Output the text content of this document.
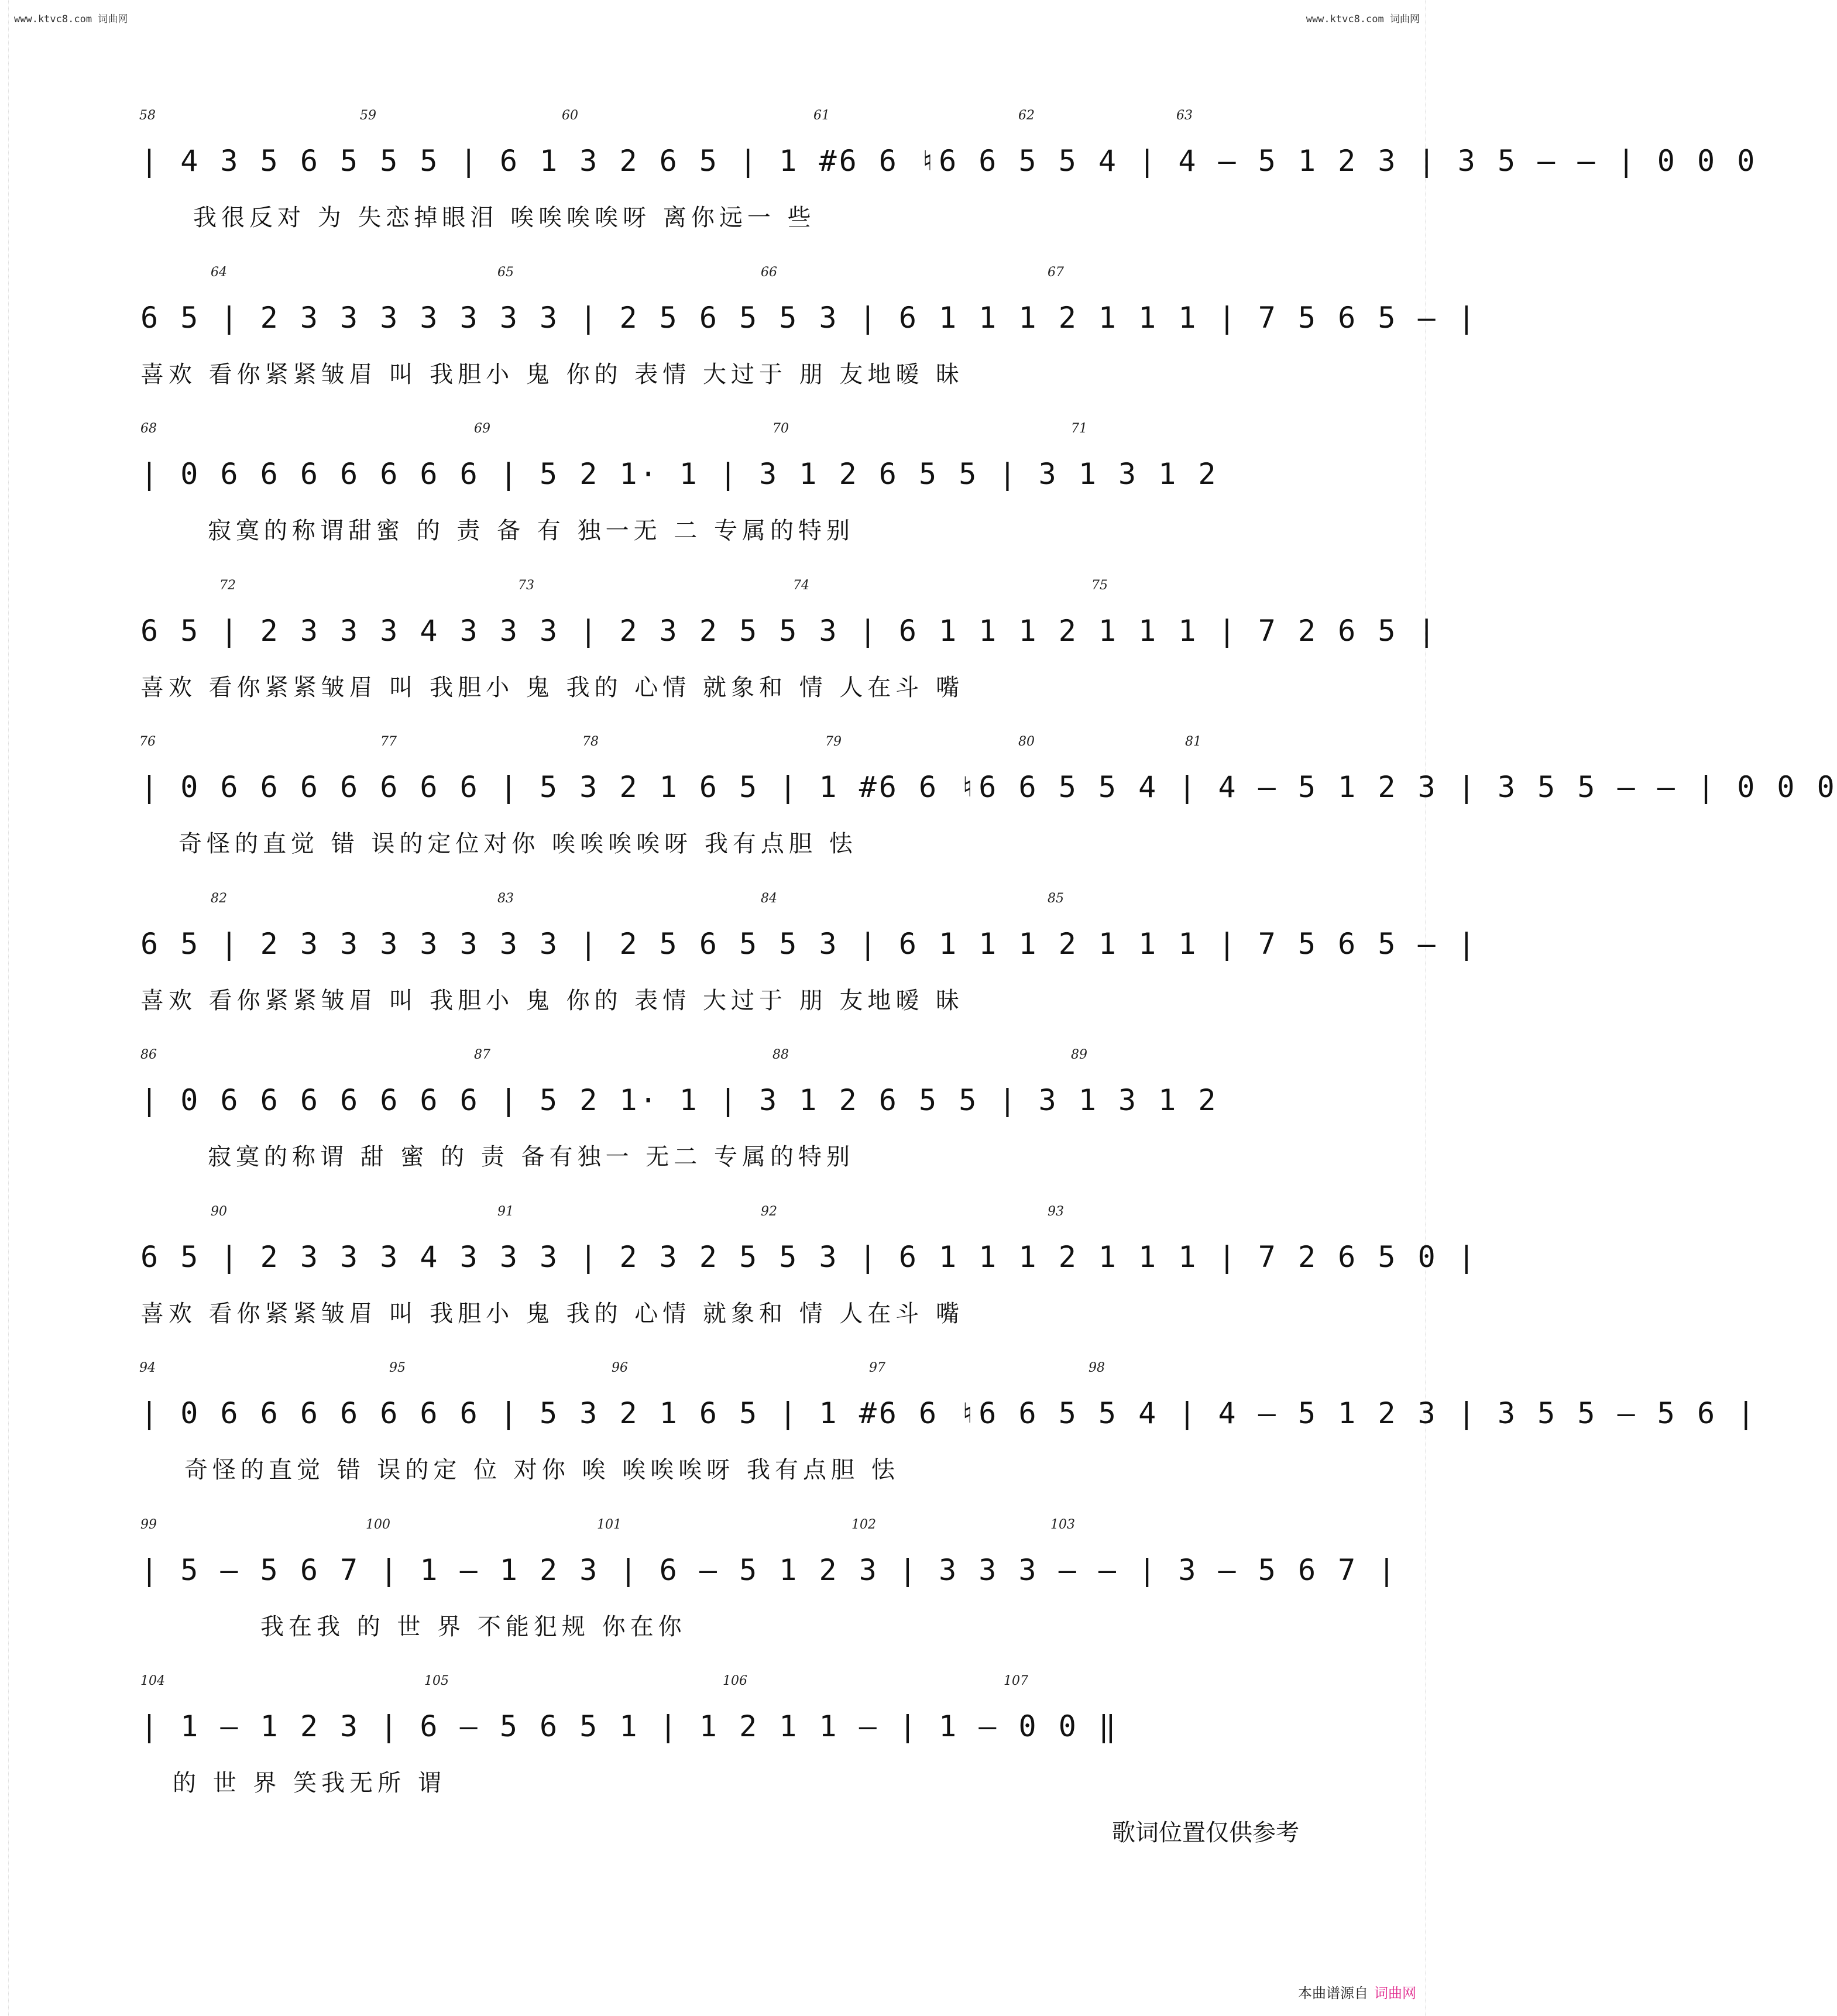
www.ktvc8.com 词曲网	www.ktvc8.com 词曲网
58	59	60	61	62	63
| 4 3 5 6 5 5 5 | 6 1 3 2 6 5 | 1 #6 6 ♮6 6 5 5 4 | 4 — 5 1 2 3 | 3 5 — — | 0 0 0
我很反对 为 失恋掉眼泪 唉唉唉唉呀 离你远一 些
64	65	66	67
6 5 | 2 3 3 3 3 3 3 3 | 2 5 6 5 5 3 | 6 1 1 1 2 1 1 1 | 7 5 6 5 — |
喜欢 看你紧紧皱眉 叫 我胆小 鬼 你的 表情 大过于 朋 友地暧 昧
68	69	70	71
| 0 6 6 6 6 6 6 6 | 5 2 1· 1 | 3 1 2 6 5 5 | 3 1 3 1 2
寂寞的称谓甜蜜 的 责 备 有 独一无 二 专属的特别
72	73	74	75
6 5 | 2 3 3 3 4 3 3 3 | 2 3 2 5 5 3 | 6 1 1 1 2 1 1 1 | 7 2 6 5 |
喜欢 看你紧紧皱眉 叫 我胆小 鬼 我的 心情 就象和 情 人在斗 嘴
76	77	78	79	80	81
| 0 6 6 6 6 6 6 6 | 5 3 2 1 6 5 | 1 #6 6 ♮6 6 5 5 4 | 4 — 5 1 2 3 | 3 5 5 — — | 0 0 0
奇怪的直觉 错 误的定位对你 唉唉唉唉呀 我有点胆 怯
82	83	84	85
6 5 | 2 3 3 3 3 3 3 3 | 2 5 6 5 5 3 | 6 1 1 1 2 1 1 1 | 7 5 6 5 — |
喜欢 看你紧紧皱眉 叫 我胆小 鬼 你的 表情 大过于 朋 友地暧 昧
86	87	88	89
| 0 6 6 6 6 6 6 6 | 5 2 1· 1 | 3 1 2 6 5 5 | 3 1 3 1 2
寂寞的称谓 甜 蜜 的 责 备有独一 无二 专属的特别
90	91	92	93
6 5 | 2 3 3 3 4 3 3 3 | 2 3 2 5 5 3 | 6 1 1 1 2 1 1 1 | 7 2 6 5 0 |
喜欢 看你紧紧皱眉 叫 我胆小 鬼 我的 心情 就象和 情 人在斗 嘴
94	95	96	97	98
| 0 6 6 6 6 6 6 6 | 5 3 2 1 6 5 | 1 #6 6 ♮6 6 5 5 4 | 4 — 5 1 2 3 | 3 5 5 — 5 6 |
奇怪的直觉 错 误的定 位 对你 唉 唉唉唉呀 我有点胆 怯
99	100	101	102	103
| 5 — 5 6 7 | 1 — 1 2 3 | 6 — 5 1 2 3 | 3 3 3 — — | 3 — 5 6 7 |
我在我 的 世 界 不能犯规 你在你
104	105	106	107
| 1 — 1 2 3 | 6 — 5 6 5 1 | 1 2 1 1 — | 1 — 0 0 ‖
的 世 界 笑我无所 谓
歌词位置仅供参考
本曲谱源自 词曲网
